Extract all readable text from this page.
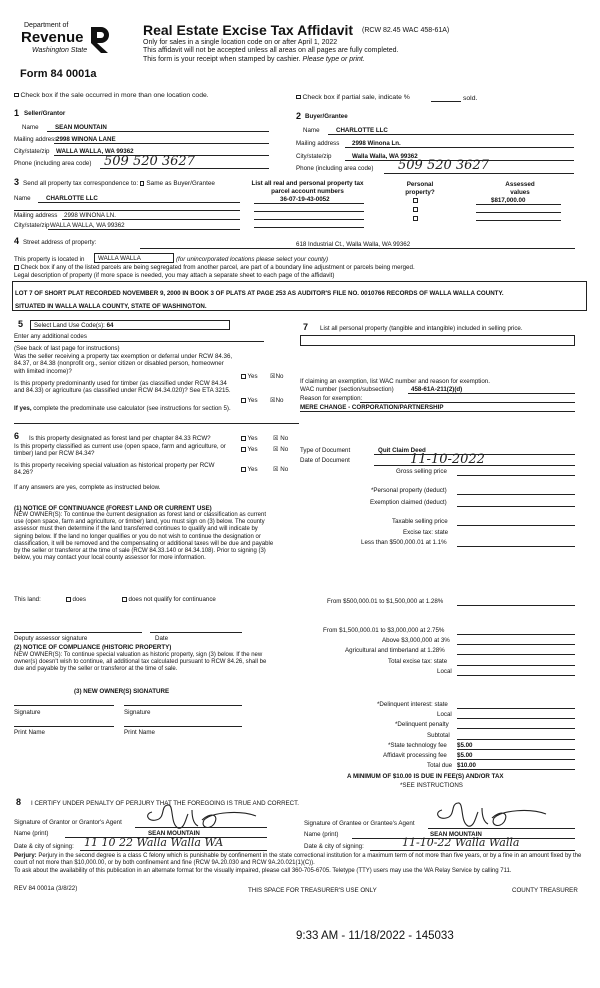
Department of
Revenue
Washington State
Form 84 0001a
Real Estate Excise Tax Affidavit (RCW 82.45 WAC 458-61A)
Only for sales in a single location code on or after April 1, 2022
This affidavit will not be accepted unless all areas on all pages are fully completed.
This form is your receipt when stamped by cashier. Please type or print.
Check box if the sale occurred in more than one location code.	Check box if partial sale, indicate %	sold.
1 Seller/Grantor
Name	SEAN MOUNTAIN
Mailing address
2998 WINONA LANE
City/state/zip WALLA WALLA, WA 99362
Phone (including area code) 509 520 3627
2 Buyer/Grantee
Name	CHARLOTTE LLC
Mailing address 2998 Winona Ln.
City/state/zip	Walla Walla, WA 99362
Phone (including area code) 509 520 3627
3 Send all property tax correspondence to: Same as Buyer/Grantee
Name CHARLOTTE LLC
Mailing address 2998 WINONA LN.
City/state/zip WALLA WALLA, WA 99362
List all real and personal property tax parcel account numbers
36-07-19-43-0052
Personal property?
Assessed values
$817,000.00
4 Street address of property:	618 Industrial Ct., Walla Walla, WA 99362
This property is located in WALLA WALLA	(for unincorporated locations please select your county)
Check box if any of the listed parcels are being segregated from another parcel, are part of a boundary line adjustment or parcels being merged.
Legal description of property (if more space is needed, you may attach a separate sheet to each page of the affidavit)
LOT 7 OF SHORT PLAT RECORDED NOVEMBER 9, 2000 IN BOOK 3 OF PLATS AT PAGE 253 AS AUDITOR'S FILE NO. 0010766 RECORDS OF WALLA WALLA COUNTY.
SITUATED IN WALLA WALLA COUNTY, STATE OF WASHINGTON.
5 Select Land Use Code(s): 64
Enter any additional codes
(See back of last page for instructions)
Was the seller receiving a property tax exemption or deferral under RCW 84.36, 84.37, or 84.38 (nonprofit org., senior citizen or disabled person, homeowner with limited income)?
Yes ☒No
Is this property predominantly used for timber (as classified under RCW 84.34 and 84.33) or agriculture (as classified under RCW 84.34.020)? See ETA 3215.
Yes ☒No
If yes, complete the predominate use calculator (see instructions for section 5).
7 List all personal property (tangible and intangible) included in selling price.
If claiming an exemption, list WAC number and reason for exemption.
WAC number (section/subsection)	458-61A-211(2)(d)
Reason for exemption:
MERE CHANGE - CORPORATION/PARTNERSHIP
6 Is this property designated as forest land per chapter 84.33 RCW?	Yes ☒ No
Is this property classified as current use (open space, farm and agriculture, or timber) land per RCW 84.34?
Yes ☒ No
Is this property receiving special valuation as historical property per RCW 84.26?	Yes ☒ No
If any answers are yes, complete as instructed below.
(1) NOTICE OF CONTINUANCE (FOREST LAND OR CURRENT USE)
NEW OWNER(S): To continue the current designation as forest land or classification as current use (open space, farm and agriculture, or timber) land, you must sign on (3) below. The county assessor must then determine if the land transferred continues to qualify and will indicate by signing below. If the land no longer qualifies or you do not wish to continue the designation or classification, it will be removed and the compensating or additional taxes will be due and payable by the seller or transferor at the time of sale (RCW 84.33.140 or 84.34.108). Prior to signing (3) below, you may contact your local county assessor for more information.
This land:	does	does not qualify for continuance
Deputy assessor signature	Date
(2) NOTICE OF COMPLIANCE (HISTORIC PROPERTY)
NEW OWNER(S): To continue special valuation as historic property, sign (3) below. If the new owner(s) doesn't wish to continue, all additional tax calculated pursuant to RCW 84.26, shall be due and payable by the seller or transferor at the time of sale.
(3) NEW OWNER(S) SIGNATURE
Signature	Signature
Print Name	Print Name
Type of Document	Quit Claim Deed
Date of Document	11-10-2022
Gross selling price
*Personal property (deduct)
Exemption claimed (deduct)
Taxable selling price
Excise tax: state
Less than $500,000.01 at 1.1%
From $500,000.01 to $1,500,000 at 1.28%
From $1,500,000.01 to $3,000,000 at 2.75%
Above $3,000,000 at 3%
Agricultural and timberland at 1.28%
Total excise tax: state
Local
*Delinquent interest: state
Local
*Delinquent penalty
Subtotal
*State technology fee $5.00
Affidavit processing fee $5.00
Total due $10.00
A MINIMUM OF $10.00 IS DUE IN FEE(S) AND/OR TAX
*SEE INSTRUCTIONS
8 I CERTIFY UNDER PENALTY OF PERJURY THAT THE FOREGOING IS TRUE AND CORRECT.
Signature of Grantor or Grantor's Agent
Name (print)	SEAN MOUNTAIN
Date & city of signing: 11 10 22 Walla Walla WA
Signature of Grantee or Grantee's Agent
Name (print)	SEAN MOUNTAIN
Date & city of signing:	11-10-22 Walla Walla
Perjury: Perjury in the second degree is a class C felony which is punishable by confinement in the state correctional institution for a maximum term of not more than five years, or by a fine in an amount fixed by the court of not more than $10,000.00, or by both confinement and fine (RCW 9A.20.030 and RCW 9A.20.021(1)(C)).
To ask about the availability of this publication in an alternate format for the visually impaired, please call 360-705-6705. Teletype (TTY) users may use the WA Relay Service by calling 711.
REV 84 0001a (3/8/22)	THIS SPACE FOR TREASURER'S USE ONLY	COUNTY TREASURER
9:33 AM - 11/18/2022 - 145033
